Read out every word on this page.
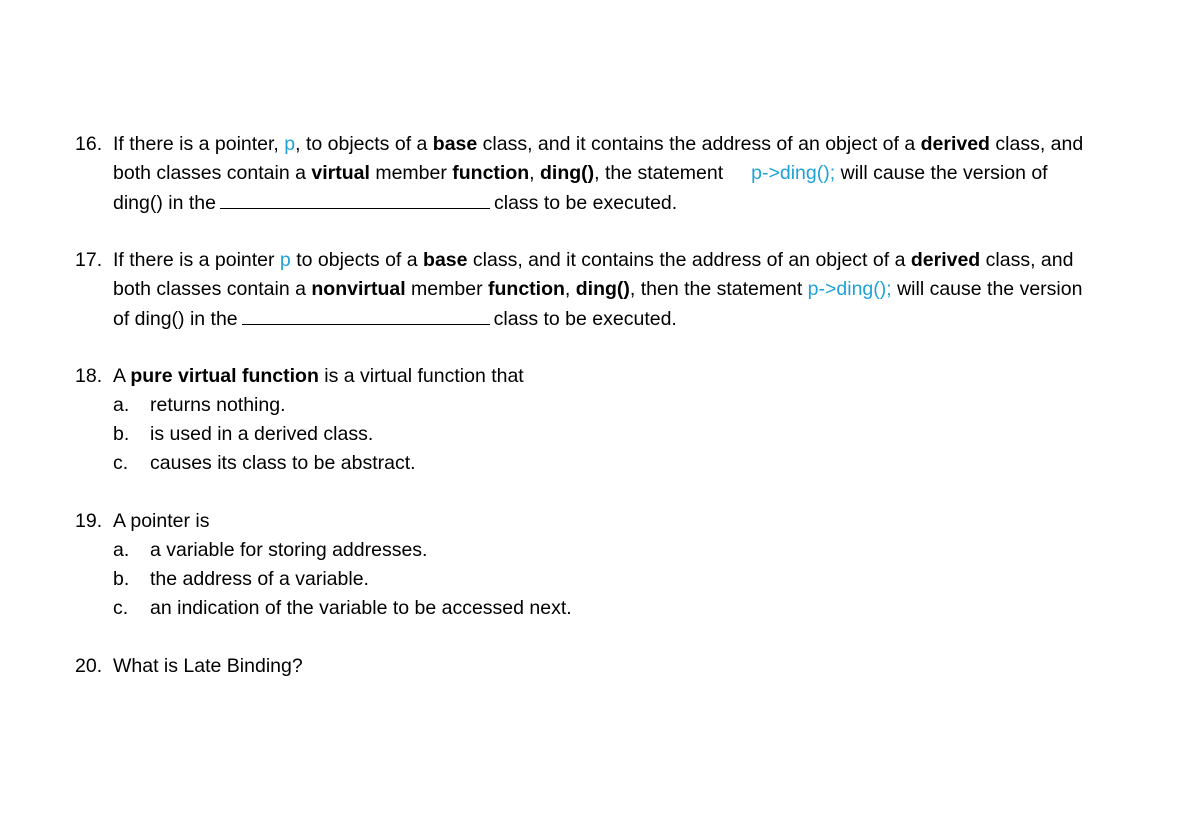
16. If there is a pointer, p, to objects of a base class, and it contains the address of an object of a derived class, and
both classes contain a virtual member function, ding(), the statement p->ding(); will cause the version of
ding() in the	class to be executed.
17. If there is a pointer p to objects of a base class, and it contains the address of an object of a derived class, and
both classes contain a nonvirtual member function, ding(), then the statement p->ding(); will cause the version
of ding() in the	class to be executed.
18. A pure virtual function is a virtual function that
a.	returns nothing.
b.	is used in a derived class.
c.	causes its class to be abstract.
19. A pointer is
a.	a variable for storing addresses.
b.	the address of a variable.
c.	an indication of the variable to be accessed next.
20. What is Late Binding?
